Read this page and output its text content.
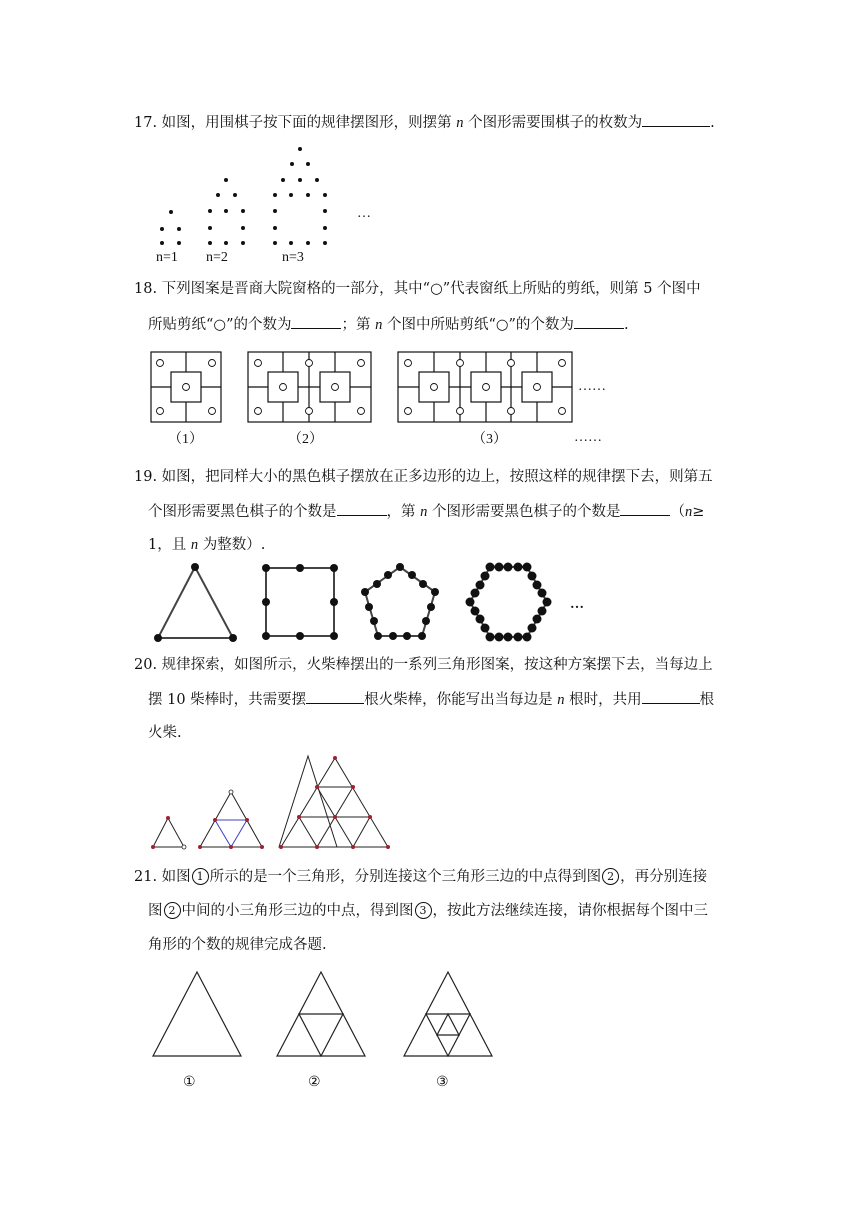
17. 如图，用围棋子按下面的规律摆图形，则摆第 n 个图形需要围棋子的枚数为	.
…
n=1 n=2	n=3
18. 下列图案是晋商大院窗格的一部分，其中“○”代表窗纸上所贴的剪纸，则第 5 个图中
所贴剪纸“○”的个数为	；第 n 个图中所贴剪纸“○”的个数为	.
……
……
（1）	（2）	（3）
19. 如图，把同样大小的黑色棋子摆放在正多边形的边上，按照这样的规律摆下去，则第五
个图形需要黑色棋子的个数是	，第 n 个图形需要黑色棋子的个数是	（n≥
1，且 n 为整数）.
…
20. 规律探索，如图所示，火柴棒摆出的一系列三角形图案，按这种方案摆下去，当每边上
摆 10 柴棒时，共需要摆	根火柴棒，你能写出当每边是 n 根时，共用	根
火柴.
21. 如图 1 所示的是一个三角形，分别连接这个三角形三边的中点得到图 2 ，再分别连接
图 2 中间的小三角形三边的中点，得到图 3 ，按此方法继续连接，请你根据每个图中三
角形的个数的规律完成各题.
①	②	③
